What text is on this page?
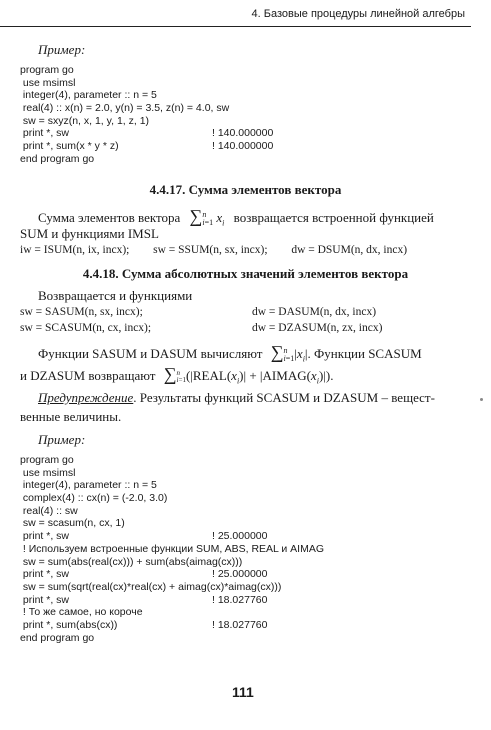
4. Базовые процедуры линейной алгебры
Пример:
program go
use msimsl
integer(4), parameter :: n = 5
real(4) :: x(n) = 2.0, y(n) = 3.5, z(n) = 4.0, sw
sw = sxyz(n, x, 1, y, 1, z, 1)
print *, sw	! 140.000000
print *, sum(x * y * z)	! 140.000000
end program go
4.4.17. Сумма элементов вектора
Сумма элементов вектора ∑ n
i=1 $x_i$ возвращается встроенной функцией
SUM и функциями IMSL
iw = ISUM(n, ix, incx); sw = SSUM(n, sx, incx); dw = DSUM(n, dx, incx)
4.4.18. Сумма абсолютных значений элементов вектора
Возвращается и функциями
sw = SASUM(n, sx, incx);	dw = DASUM(n, dx, incx)
sw = SCASUM(n, cx, incx);	dw = DZASUM(n, zx, incx)
Функции SASUM и DASUM вычисляют ∑ n
i=1 $|x_i|$. Функции SCASUM
и DZASUM возвращают ∑ n
i=1 ($|REAL(x_i)|$ + $|AIMAG(x_i)|$).
Предупреждение. Результаты функций SCASUM и DZASUM – вещест-
венные величины.
Пример:
program go
use msimsl
integer(4), parameter :: n = 5
complex(4) :: cx(n) = (-2.0, 3.0)
real(4) :: sw
sw = scasum(n, cx, 1)
print *, sw	! 25.000000
! Используем встроенные функции SUM, ABS, REAL и AIMAG
sw = sum(abs(real(cx))) + sum(abs(aimag(cx)))
print *, sw	! 25.000000
sw = sum(sqrt(real(cx)*real(cx) + aimag(cx)*aimag(cx)))
print *, sw	! 18.027760
! То же самое, но короче
print *, sum(abs(cx))	! 18.027760
end program go
111
